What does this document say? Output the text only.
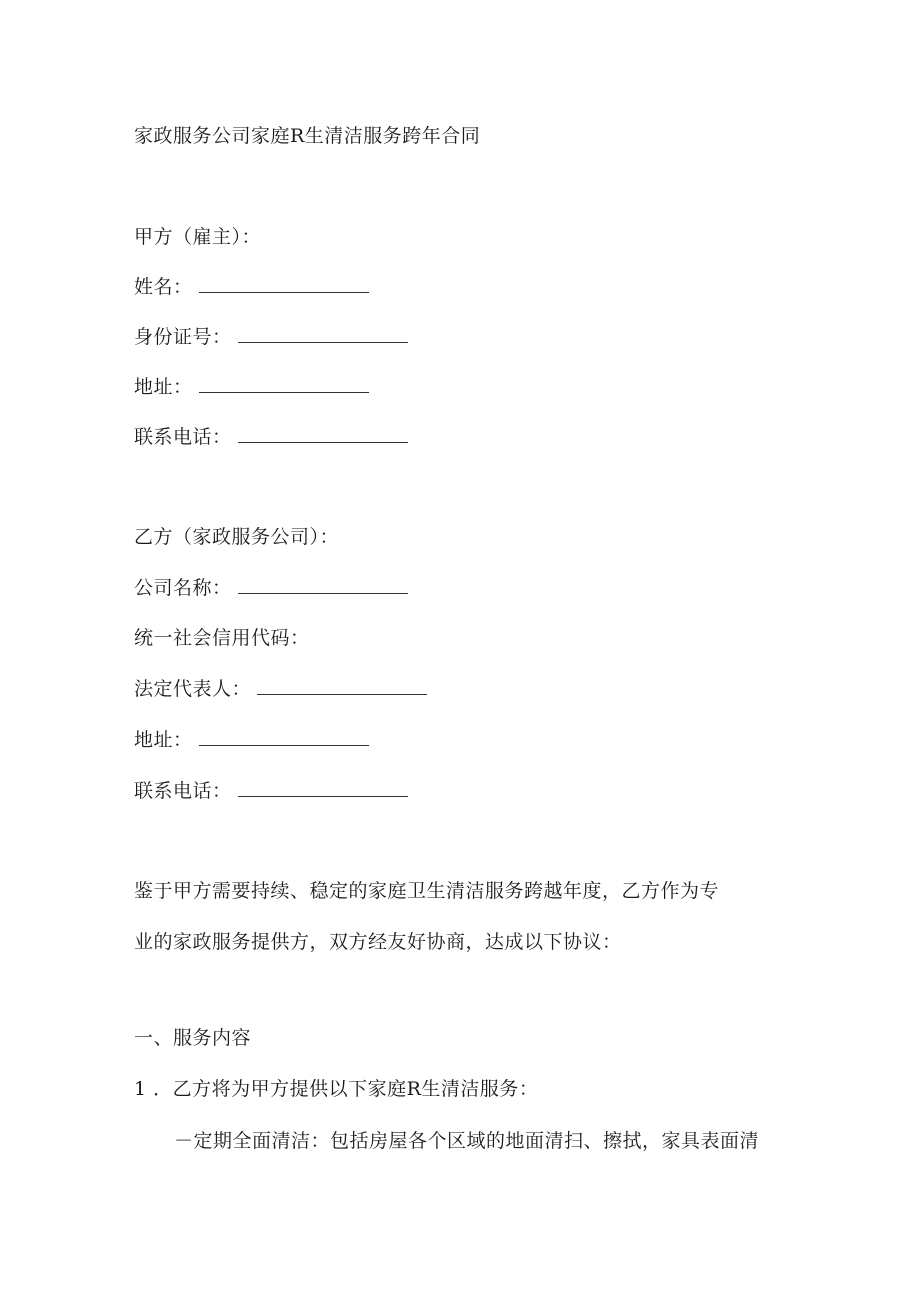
家政服务公司家庭R生清洁服务跨年合同
甲方（雇主）：
姓名：
身份证号：
地址：
联系电话：
乙方（家政服务公司）：
公司名称：
统一社会信用代码：
法定代表人：
地址：
联系电话：
鉴于甲方需要持续、稳定的家庭卫生清洁服务跨越年度，乙方作为专
业的家政服务提供方，双方经友好协商，达成以下协议：
一、服务内容
1 ．乙方将为甲方提供以下家庭R生清洁服务：
－定期全面清洁：包括房屋各个区域的地面清扫、擦拭，家具表面清
